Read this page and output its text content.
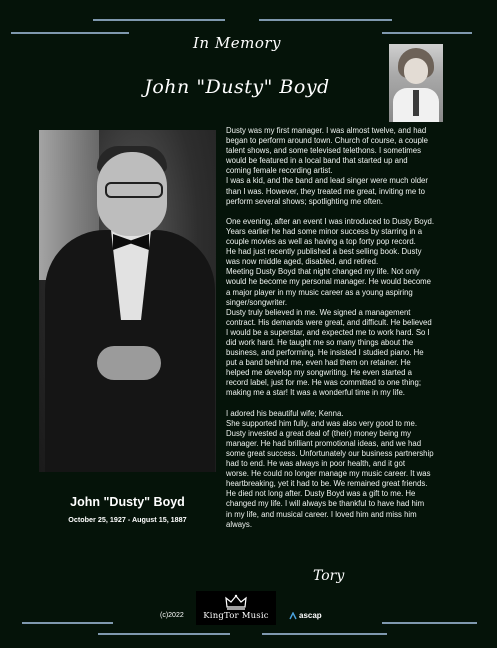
In Memory
John "Dusty" Boyd
John "Dusty" Boyd
October 25, 1927 - August 15, 1887
Dusty was my first manager. I was almost twelve, and had
began to perform around town. Church of course, a couple
talent shows, and some televised telethons. I sometimes
would be featured in a local band that started up and
coming female recording artist.
I was a kid, and the band and lead singer were much older
than I was. However, they treated me great, inviting me to
perform several shows; spotlighting me often.
One evening, after an event I was introduced to Dusty Boyd.
Years earlier he had some minor success by starring in a
couple movies as well as having a top forty pop record.
He had just recently published a best selling book. Dusty
was now middle aged, disabled, and retired.
Meeting Dusty Boyd that night changed my life. Not only
would he become my personal manager. He would become
a major player in my music career as a young aspiring
singer/songwriter.
Dusty truly believed in me. We signed a management
contract. His demands were great, and difficult. He believed
I would be a superstar, and expected me to work hard. So I
did work hard. He taught me so many things about the
business, and performing. He insisted I studied piano. He
put a band behind me, even had them on retainer. He
helped me develop my songwriting. He even started a
record label, just for me. He was committed to one thing;
making me a star! It was a wonderful time in my life.
I adored his beautiful wife; Kenna.
She supported him fully, and was also very good to me.
Dusty invested a great deal of (their) money being my
manager. He had brilliant promotional ideas, and we had
some great success. Unfortunately our business partnership
had to end. He was always in poor health, and it got
worse. He could no longer manage my music career. It was
heartbreaking, yet it had to be. We remained great friends.
He died not long after. Dusty Boyd was a gift to me. He
changed my life. I will always be thankful to have had him
in my life, and musical career. I loved him and miss him
always.
Tory
(c)2022	KingTor Music	ascap
